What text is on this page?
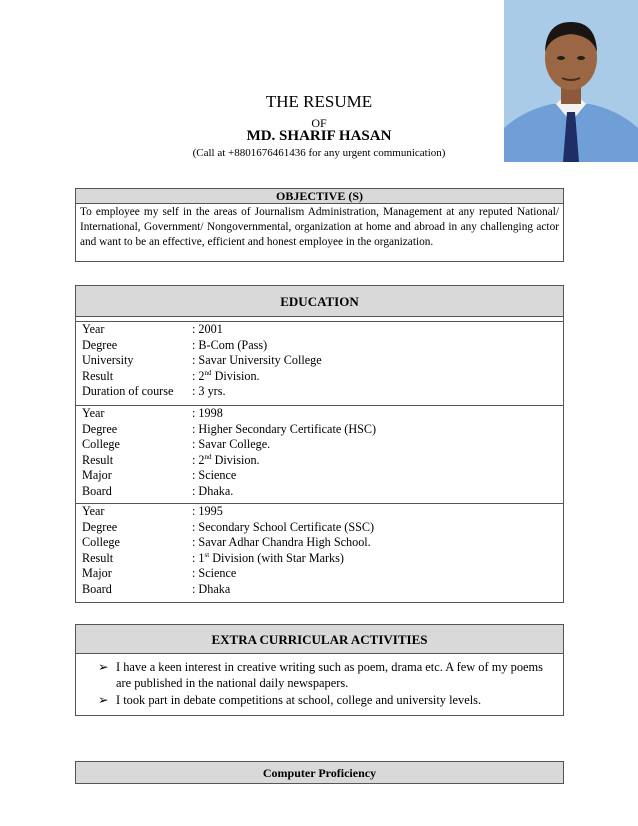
THE RESUME
OF
MD. SHARIF HASAN
(Call at +8801676461436 for any urgent communication)
OBJECTIVE (S)
To employee my self in the areas of Journalism Administration, Management at any reputed National/ International, Government/ Nongovernmental, organization at home and abroad in any challenging actor and want to be an effective, efficient and honest employee in the organization.
EDUCATION
Year	: 2001
Degree	: B-Com (Pass)
University	: Savar University College
Result	: 2nd Division.
Duration of course : 3 yrs.
Year	: 1998
Degree	: Higher Secondary Certificate (HSC)
College	: Savar College.
Result	: 2nd Division.
Major	: Science
Board	: Dhaka.
Year	: 1995
Degree	: Secondary School Certificate (SSC)
College	: Savar Adhar Chandra High School.
Result	: 1st Division (with Star Marks)
Major	: Science
Board	: Dhaka
EXTRA CURRICULAR ACTIVITIES
➢ I have a keen interest in creative writing such as poem, drama etc. A few of my poems are published in the national daily newspapers.
➢ I took part in debate competitions at school, college and university levels.
Computer Proficiency
